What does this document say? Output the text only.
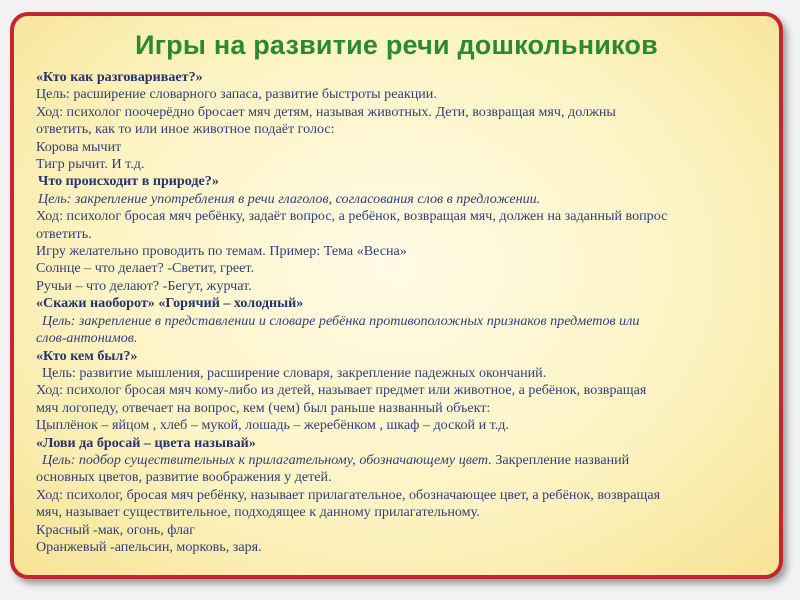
Игры на развитие речи дошкольников
«Кто как разговаривает?»
Цель: расширение словарного запаса, развитие быстроты реакции.
Ход: психолог поочерёдно бросает мяч детям, называя животных. Дети, возвращая мяч, должны
ответить, как то или иное животное подаёт голос:
Корова мычит
Тигр рычит. И т.д.
Что происходит в природе?»
Цель: закрепление употребления в речи глаголов, согласования слов в предложении.
Ход: психолог бросая мяч ребёнку, задаёт вопрос, а ребёнок, возвращая мяч, должен на заданный вопрос
ответить.
Игру желательно проводить по темам. Пример: Тема «Весна»
Солнце – что делает? -Светит, греет.
Ручьи – что делают? -Бегут, журчат.
«Скажи наоборот» «Горячий – холодный»
Цель: закрепление в представлении и словаре ребёнка противоположных признаков предметов или
слов-антонимов.
«Кто кем был?»
Цель: развитие мышления, расширение словаря, закрепление падежных окончаний.
Ход: психолог бросая мяч кому-либо из детей, называет предмет или животное, а ребёнок, возвращая
мяч логопеду, отвечает на вопрос, кем (чем) был раньше названный объект:
Цыплёнок – яйцом , хлеб – мукой, лошадь – жеребёнком , шкаф – доской и т.д.
«Лови да бросай – цвета называй»
Цель: подбор существительных к прилагательному, обозначающему цвет. Закрепление названий
основных цветов, развитие воображения у детей.
Ход: психолог, бросая мяч ребёнку, называет прилагательное, обозначающее цвет, а ребёнок, возвращая
мяч, называет существительное, подходящее к данному прилагательному.
Красный -мак, огонь, флаг
Оранжевый -апельсин, морковь, заря.
